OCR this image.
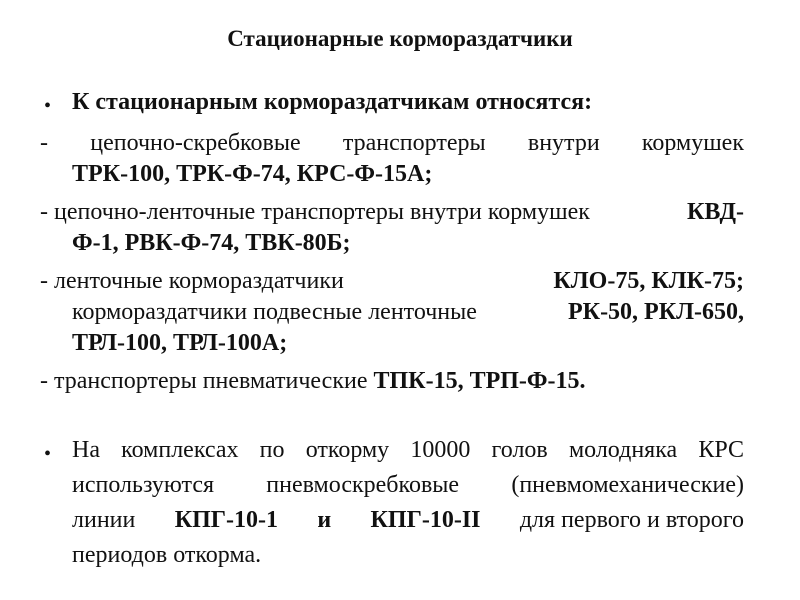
Стационарные кормораздатчики
• К стационарным кормораздатчикам относятся:
- цепочно-скребковые транспортеры внутри кормушек
ТРК-100, ТРК-Ф-74, КРС-Ф-15А;
- цепочно-ленточные транспортеры внутри кормушек	КВД-
Ф-1, РВК-Ф-74, ТВК-80Б;
- ленточные кормораздатчики	КЛО-75, КЛК-75;
кормораздатчики подвесные ленточные	РК-50, РКЛ-650,
ТРЛ-100, ТРЛ-100А;
- транспортеры пневматические ТПК-15, ТРП-Ф-15.
• На комплексах по откорму 10000 голов молодняка КРС
используются пневмоскребковые (пневмомеханические)
линии КПГ-10-1 и КПГ-10-II для первого и второго
периодов откорма.
